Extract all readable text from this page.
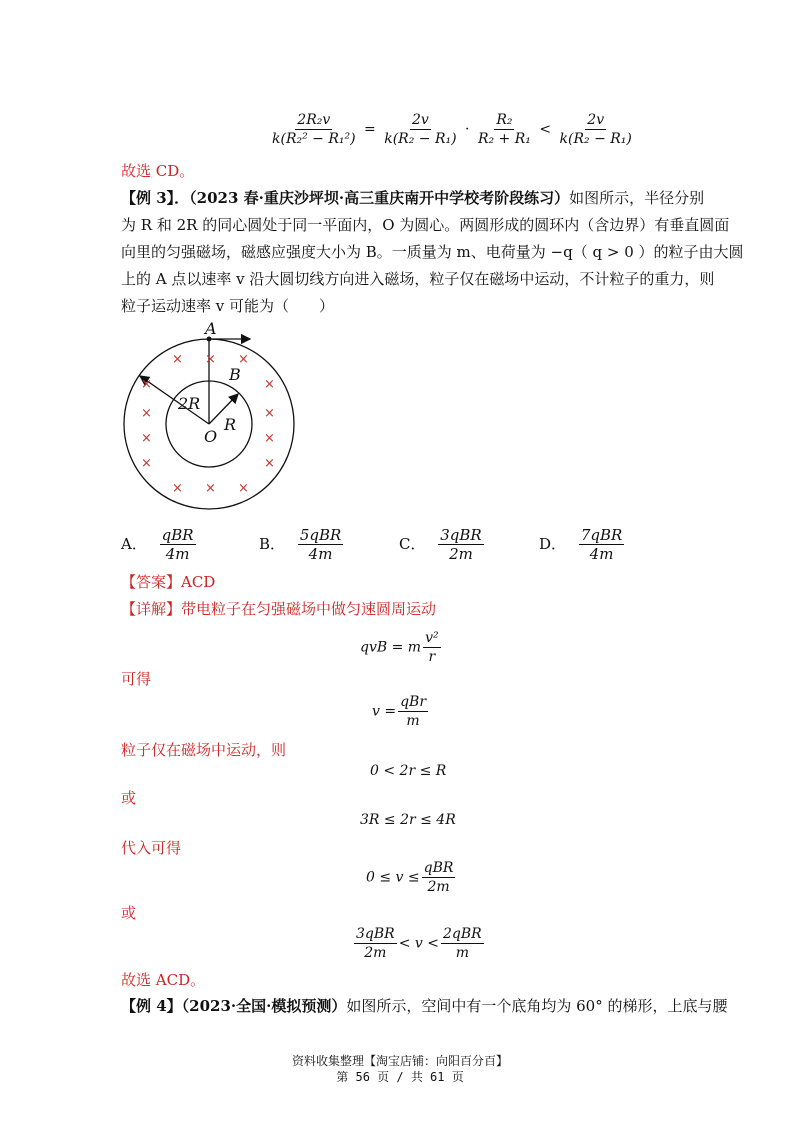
$\frac{\text{2R₂v}}{\text{k(R₂² − R₁²)}} = \frac{2v}{\text{k(R₂ − R₁)}} \cdot \frac{\text{R₂}}{\text{R₂ + R₁}} < \frac{2v}{\text{k(R₂ − R₁)}}$
故选 CD。
【例 3】．（2023 春·重庆沙坪坝·高三重庆南开中学校考阶段练习）如图所示，半径分别
为 R 和 2R 的同心圆处于同一平面内，O 为圆心。两圆形成的圆环内（含边界）有垂直圆面
向里的匀强磁场，磁感应强度大小为 B。一质量为 m、电荷量为 −q（ q > 0 ）的粒子由大圆
上的 A 点以速率 v 沿大圆切线方向进入磁场，粒子仅在磁场中运动，不计粒子的重力，则
粒子运动速率 v 可能为（　　）
× × ×
×	×
×	×
×	×
×	×
× × ×
A
B
2R
R
O
A． $\frac{\text{qBR}}{4m}$	B． $\frac{\text{5qBR}}{4m}$	C． $\frac{\text{3qBR}}{2m}$	D． $\frac{\text{7qBR}}{4m}$
【答案】ACD
【详解】带电粒子在匀强磁场中做匀速圆周运动
qvB = m $\frac{\text{v²}}{r}$
可得
$v = \frac{\text{qBr}}{m}$
粒子仅在磁场中运动，则
0 < 2r ≤ R
或
3R ≤ 2r ≤ 4R
代入可得
$0 \le v \le \frac{\text{qBR}}{2m}$
或
$\frac{\text{3qBR}}{2m} < v < \frac{\text{2qBR}}{m}$
故选 ACD。
【例 4】（2023·全国·模拟预测）如图所示，空间中有一个底角均为 60° 的梯形，上底与腰
资料收集整理【淘宝店铺：向阳百分百】
第 56 页 / 共 61 页
